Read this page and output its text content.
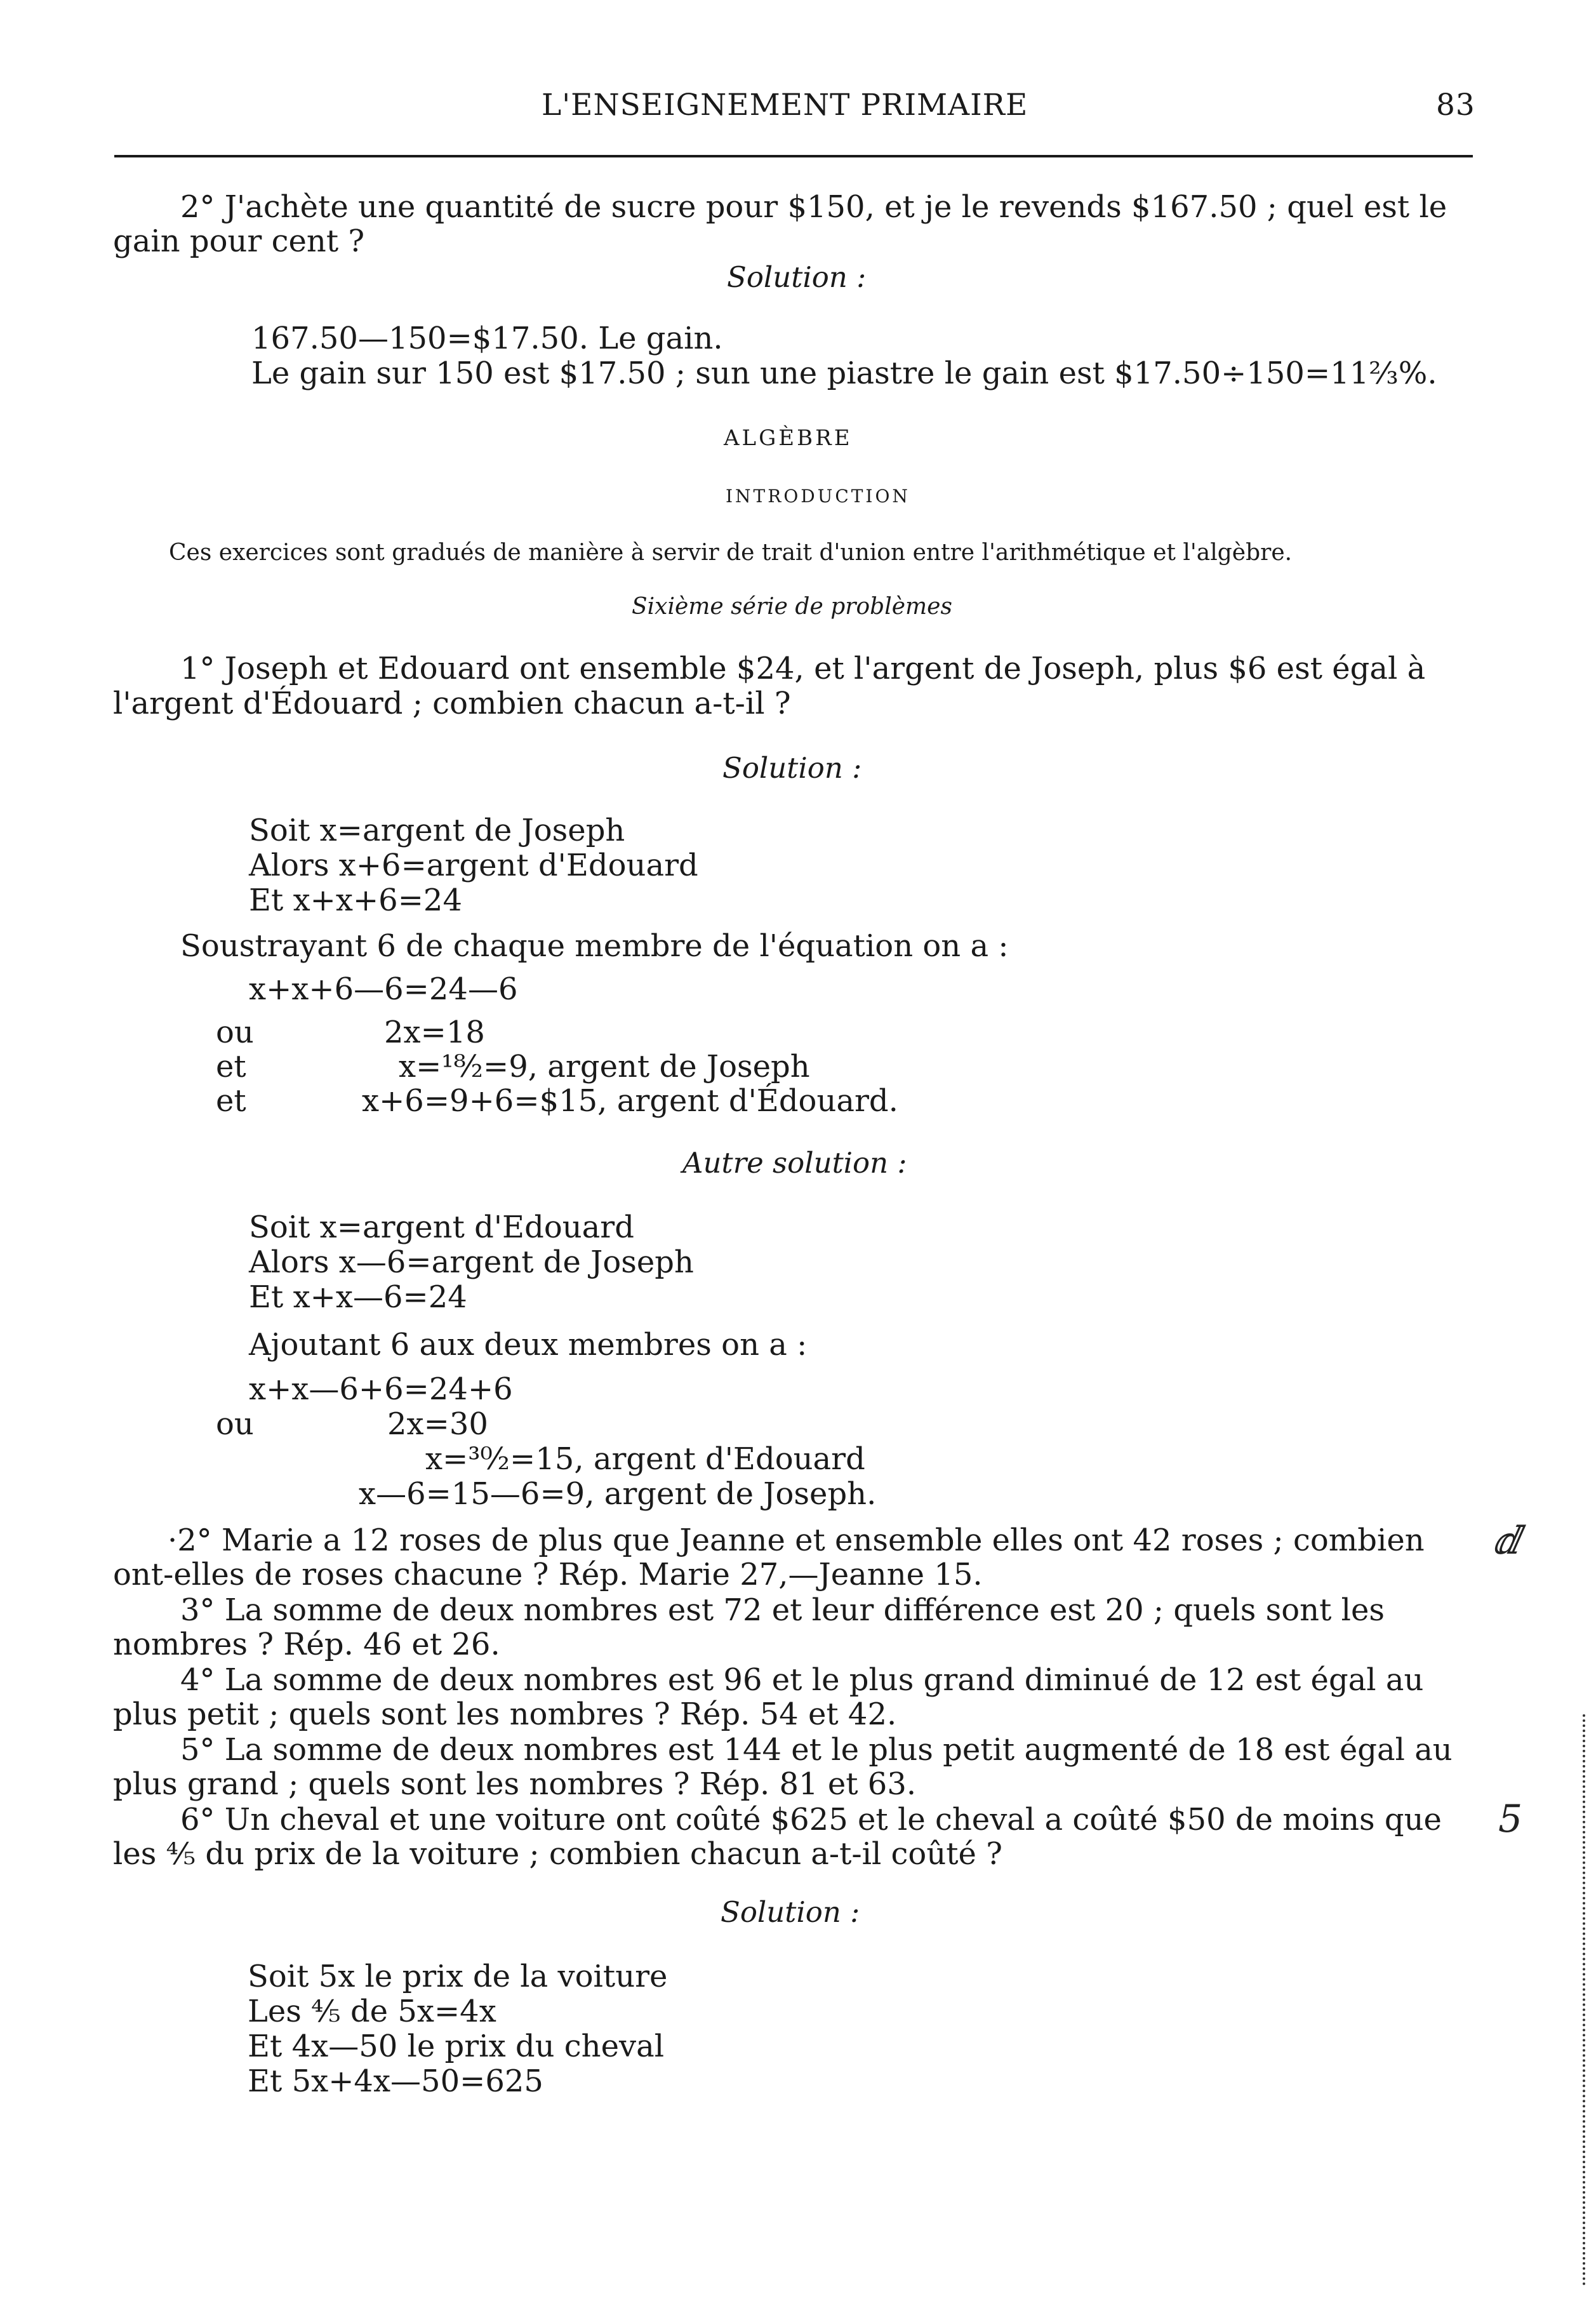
L'ENSEIGNEMENT PRIMAIRE	83
2° J'achète une quantité de sucre pour $150, et je le revends $167.50 ; quel est le
gain pour cent ?
Solution :
167.50—150=$17.50. Le gain.
Le gain sur 150 est $17.50 ; sun une piastre le gain est $17.50÷150=11⅔%.
ALGÈBRE
INTRODUCTION
Ces exercices sont gradués de manière à servir de trait d'union entre l'arithmétique et l'algèbre.
Sixième série de problèmes
1° Joseph et Edouard ont ensemble $24, et l'argent de Joseph, plus $6 est égal à
l'argent d'Édouard ; combien chacun a-t-il ?
Solution :
Soit x=argent de Joseph
Alors x+6=argent d'Edouard
Et x+x+6=24
Soustrayant 6 de chaque membre de l'équation on a :
x+x+6—6=24—6
ou	2x=18
et	x=¹⁸⁄₂=9, argent de Joseph
et	x+6=9+6=$15, argent d'Édouard.
Autre solution :
Soit x=argent d'Edouard
Alors x—6=argent de Joseph
Et x+x—6=24
Ajoutant 6 aux deux membres on a :
x+x—6+6=24+6
ou	2x=30
x=³⁰⁄₂=15, argent d'Edouard
x—6=15—6=9, argent de Joseph.
·2° Marie a 12 roses de plus que Jeanne et ensemble elles ont 42 roses ; combien
ont-elles de roses chacune ? Rép. Marie 27,—Jeanne 15.
3° La somme de deux nombres est 72 et leur différence est 20 ; quels sont les
nombres ? Rép. 46 et 26.
4° La somme de deux nombres est 96 et le plus grand diminué de 12 est égal au
plus petit ; quels sont les nombres ? Rép. 54 et 42.
5° La somme de deux nombres est 144 et le plus petit augmenté de 18 est égal au
plus grand ; quels sont les nombres ? Rép. 81 et 63.
6° Un cheval et une voiture ont coûté $625 et le cheval a coûté $50 de moins que
les ⅘ du prix de la voiture ; combien chacun a-t-il coûté ?
Solution :
Soit 5x le prix de la voiture
Les ⅘ de 5x=4x
Et 4x—50 le prix du cheval
Et 5x+4x—50=625
ⅆ
5
